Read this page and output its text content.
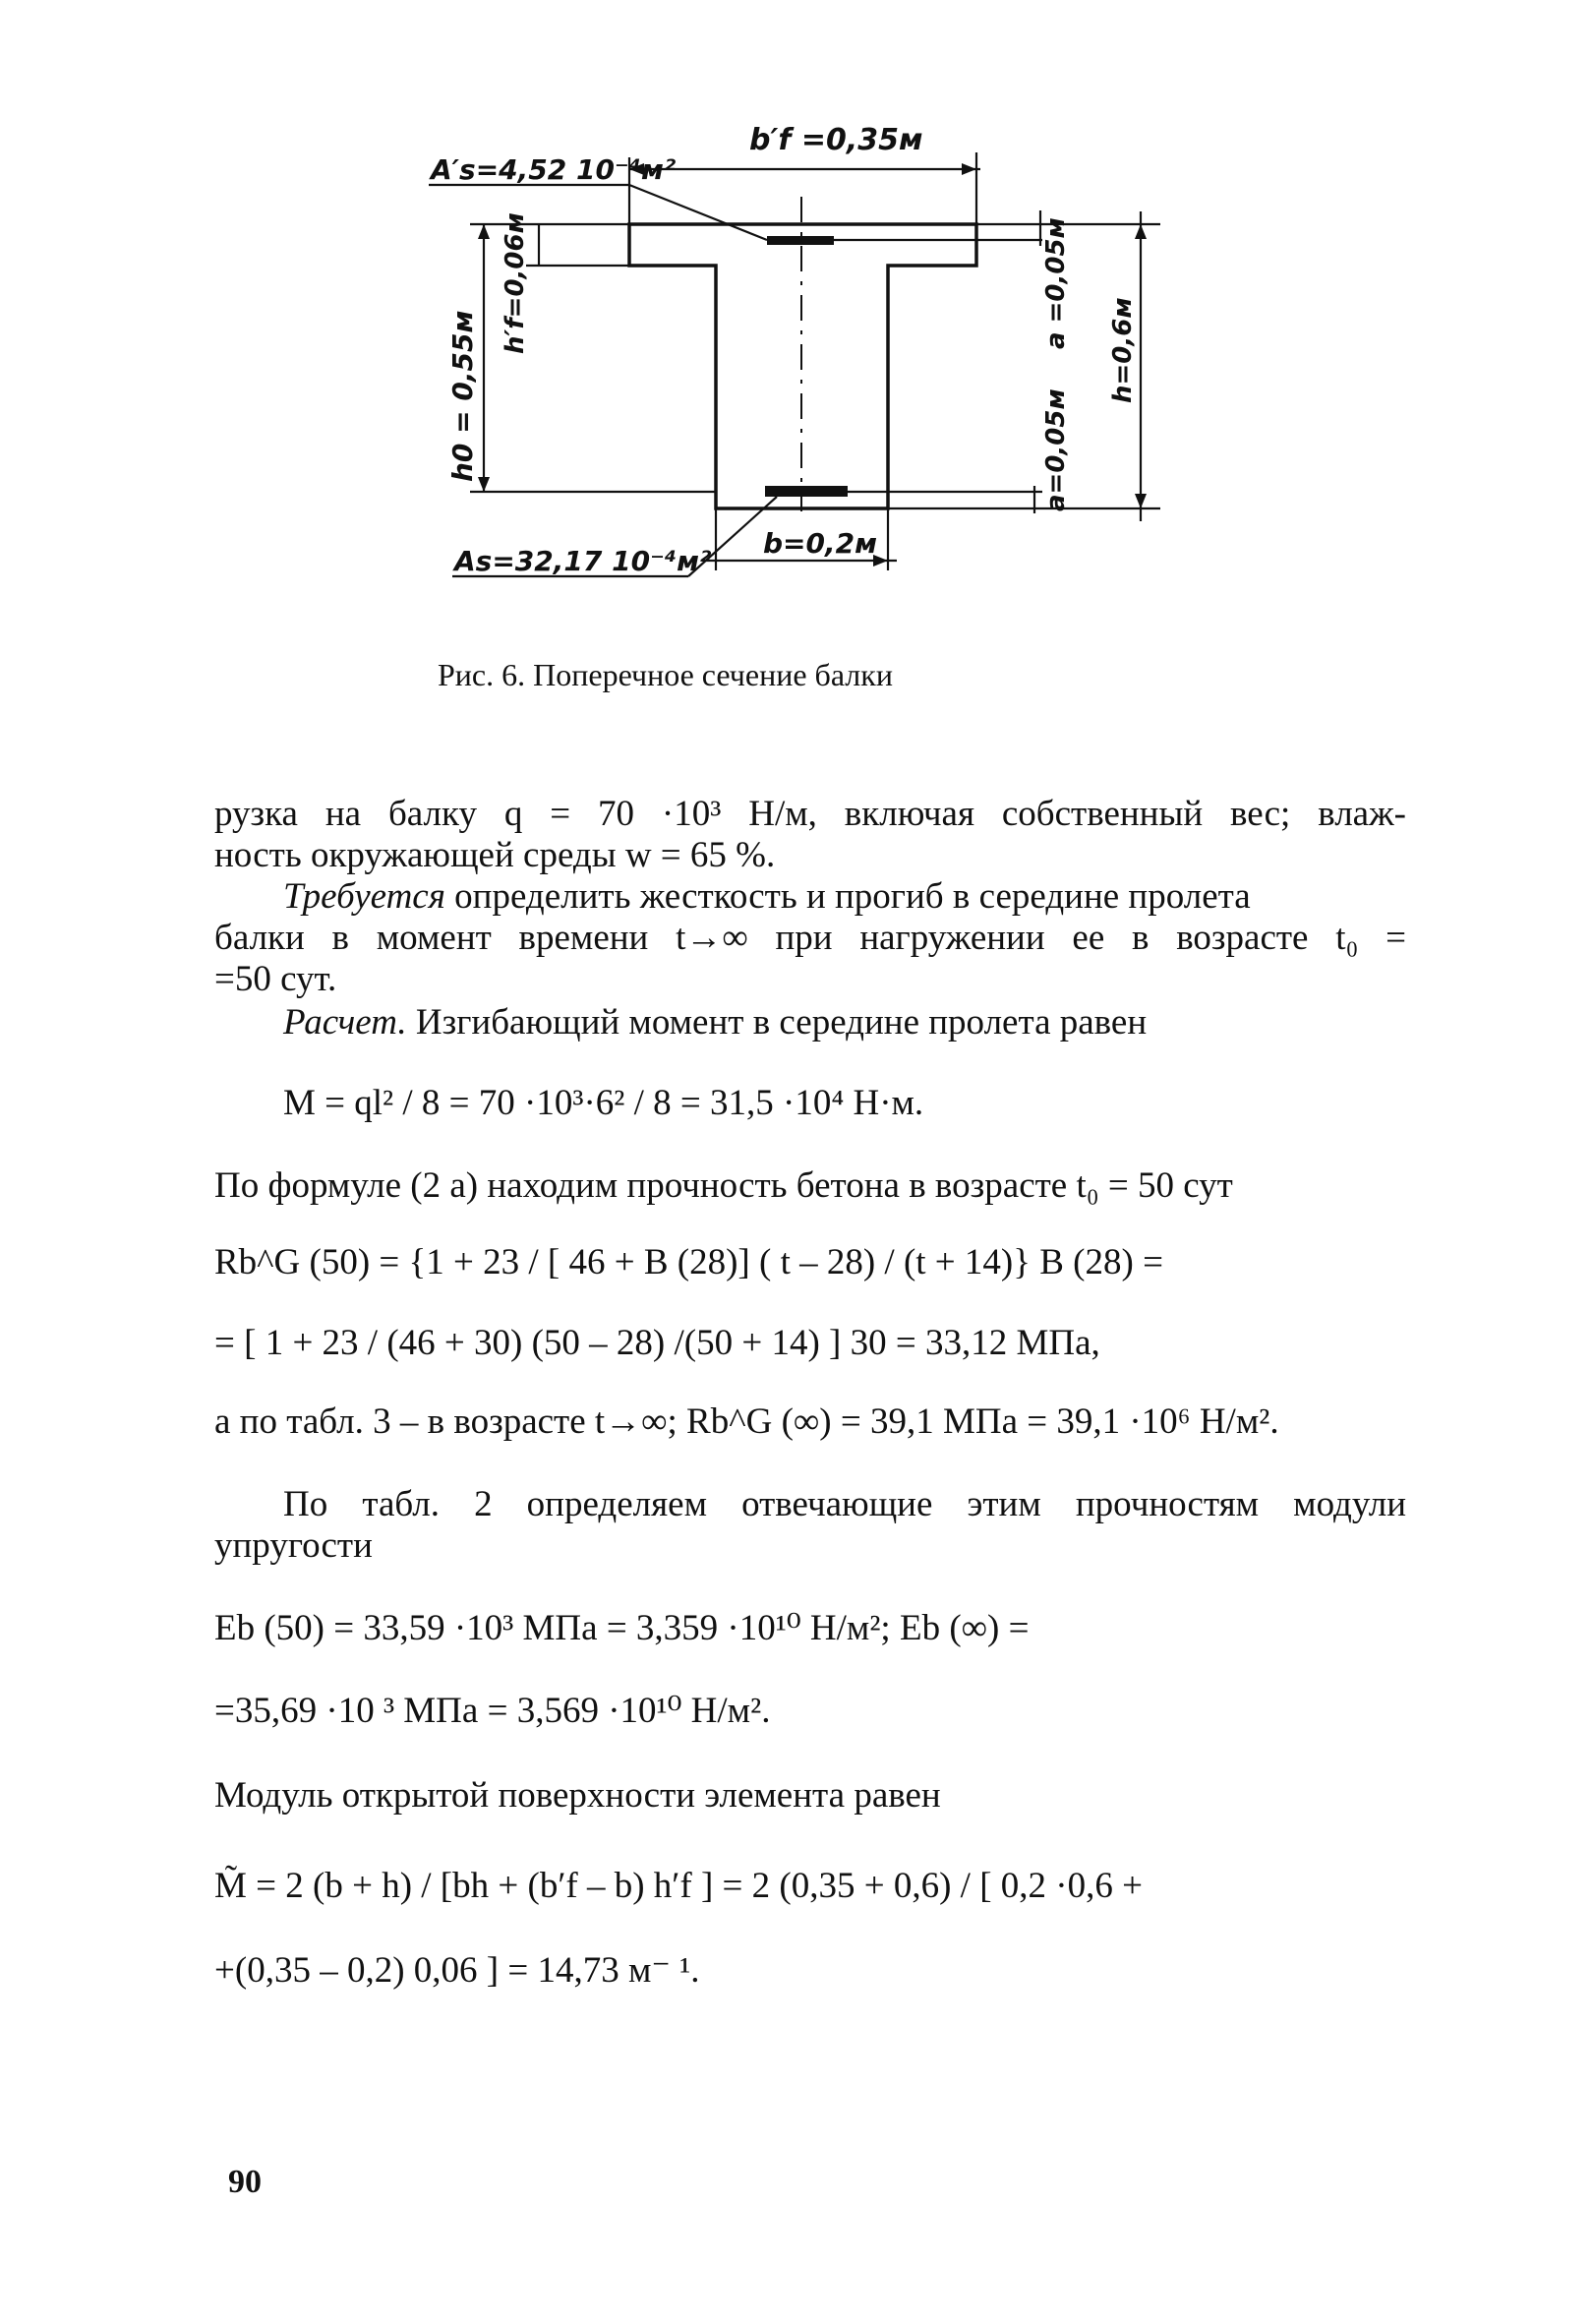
b′f =0,35м
A′s=4,52 10⁻⁴м²
h′f=0,06м
h0 = 0,55м
a =0,05м
h=0,6м
a=0,05м
b=0,2м
As=32,17 10⁻⁴м²
Рис. 6. Поперечное сечение балки
рузка на балку q = 70 ·10³ Н/м, включая собственный вес; влаж-
ность окружающей среды w = 65 %.
Требуется определить жесткость и прогиб в середине пролета
балки в момент времени t→∞ при нагружении ее в возрасте t₀ =
=50 сут.
Расчет. Изгибающий момент в середине пролета равен
M = ql² / 8 = 70 ·10³·6² / 8 = 31,5 ·10⁴ Н·м.
По формуле (2 а) находим прочность бетона в возрасте t₀ = 50 сут
Rb^G (50) = {1 + 23 / [ 46 + B (28)] ( t – 28) / (t + 14)} B (28) =
= [ 1 + 23 / (46 + 30) (50 – 28) /(50 + 14) ] 30 = 33,12 МПа,
а по табл. 3 – в возрасте t→∞; Rb^G (∞) = 39,1 МПа = 39,1 ·10⁶ Н/м².
По табл. 2 определяем отвечающие этим прочностям модули
упругости
Eb (50) = 33,59 ·10³ МПа = 3,359 ·10¹⁰ Н/м²; Eb (∞) =
=35,69 ·10 ³ МПа = 3,569 ·10¹⁰ Н/м².
Модуль открытой поверхности элемента равен
M̃ = 2 (b + h) / [bh + (b′f – b) h′f ] = 2 (0,35 + 0,6) / [ 0,2 ·0,6 +
+(0,35 – 0,2) 0,06 ] = 14,73 м⁻ ¹.
90
